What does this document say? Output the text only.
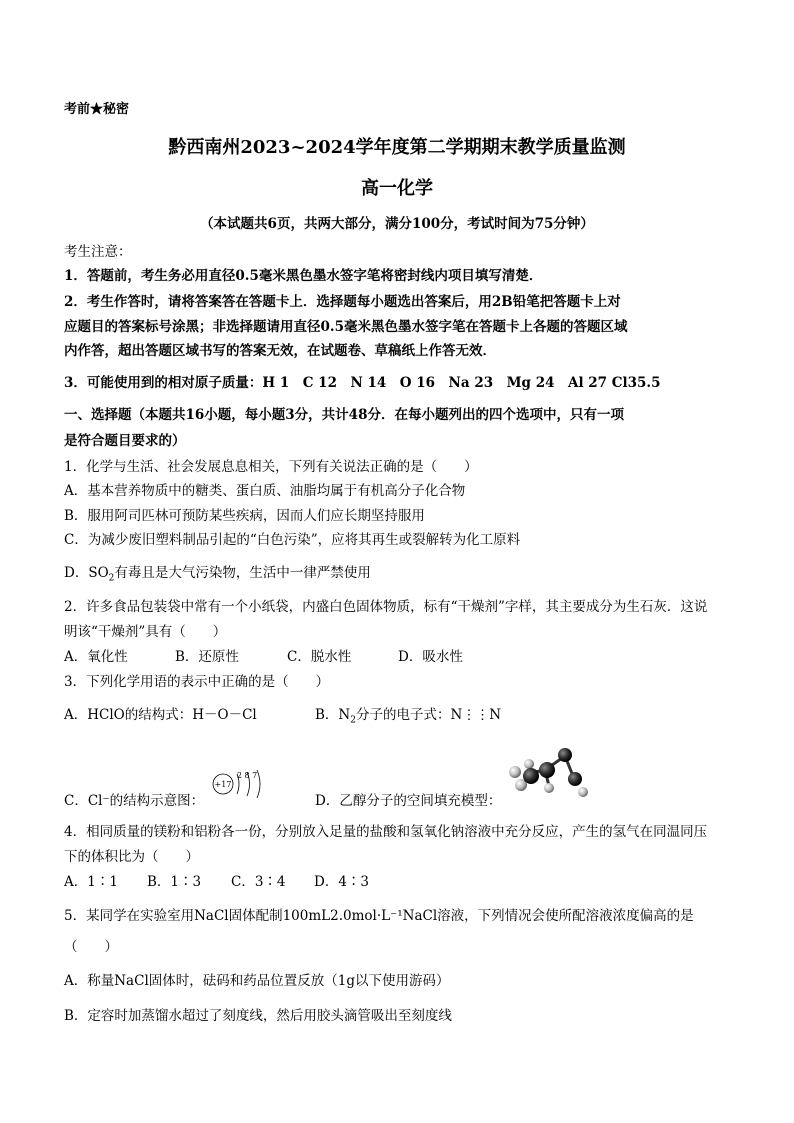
考前★秘密
黔西南州2023~2024学年度第二学期期末教学质量监测
高一化学
（本试题共6页，共两大部分，满分100分，考试时间为75分钟）
考生注意：
1．答题前，考生务必用直径0.5毫米黑色墨水签字笔将密封线内项目填写清楚．
2．考生作答时，请将答案答在答题卡上．选择题每小题选出答案后，用2B铅笔把答题卡上对
应题目的答案标号涂黑；非选择题请用直径0.5毫米黑色墨水签字笔在答题卡上各题的答题区域
内作答，超出答题区域书写的答案无效，在试题卷、草稿纸上作答无效．
3．可能使用到的相对原子质量：H 1　C 12　N 14　O 16　Na 23　Mg 24　Al 27 Cl35.5
一、选择题（本题共16小题，每小题3分，共计48分．在每小题列出的四个选项中，只有一项
是符合题目要求的）
1．化学与生活、社会发展息息相关，下列有关说法正确的是（　　）
A．基本营养物质中的糖类、蛋白质、油脂均属于有机高分子化合物
B．服用阿司匹林可预防某些疾病，因而人们应长期坚持服用
C．为减少废旧塑料制品引起的“白色污染”，应将其再生或裂解转为化工原料
D．$SO_2$有毒且是大气污染物，生活中一律严禁使用
2．许多食品包装袋中常有一个小纸袋，内盛白色固体物质，标有“干燥剂”字样，其主要成分为生石灰．这说
明该“干燥剂”具有（　　）
A．氧化性	B．还原性	C．脱水性	D．吸水性
3．下列化学用语的表示中正确的是（　　）
A．HClO的结构式：H－O－Cl	B．$N_2$分子的电子式：N⋮⋮N
C．Cl⁻的结构示意图：
+17
2 8 7
D．乙醇分子的空间填充模型：
4．相同质量的镁粉和铝粉各一份，分别放入足量的盐酸和氢氧化钠溶液中充分反应，产生的氢气在同温同压
下的体积比为（　　）
A．1∶1 B．1∶3 C．3∶4 D．4∶3
5．某同学在实验室用NaCl固体配制100mL2.0mol·L⁻¹NaCl溶液，下列情况会使所配溶液浓度偏高的是
（　　）
A．称量NaCl固体时，砝码和药品位置反放（1g以下使用游码）
B．定容时加蒸馏水超过了刻度线，然后用胶头滴管吸出至刻度线
